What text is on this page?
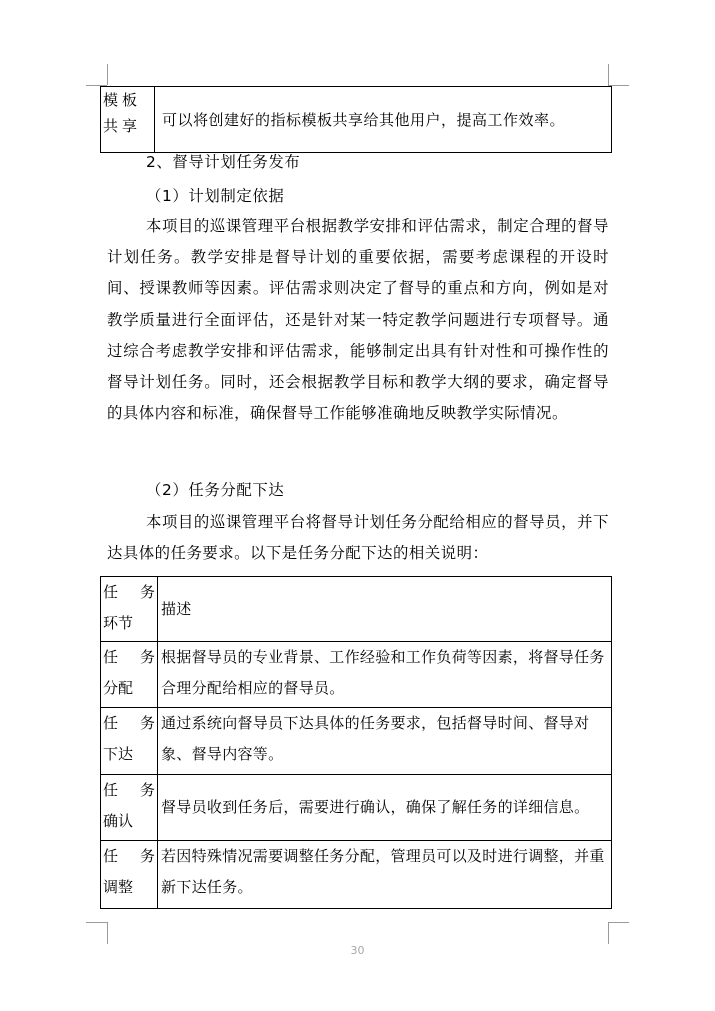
模板共享	可以将创建好的指标模板共享给其他用户，提高工作效率。
2、督导计划任务发布
（1）计划制定依据

本项目的巡课管理平台根据教学安排和评估需求，制定合理的督导计划任务。教学安排是督导计划的重要依据，需要考虑课程的开设时间、授课教师等因素。评估需求则决定了督导的重点和方向，例如是对教学质量进行全面评估，还是针对某一特定教学问题进行专项督导。通过综合考虑教学安排和评估需求，能够制定出具有针对性和可操作性的督导计划任务。同时，还会根据教学目标和教学大纲的要求，确定督导的具体内容和标准，确保督导工作能够准确地反映教学实际情况。

（2）任务分配下达

本项目的巡课管理平台将督导计划任务分配给相应的督导员，并下达具体的任务要求。以下是任务分配下达的相关说明：

任 务
环节	描述

任 务
分配	根据督导员的专业背景、工作经验和工作负荷等因素，将督导任务合理分配给相应的督导员。

任 务
下达	通过系统向督导员下达具体的任务要求，包括督导时间、督导对象、督导内容等。

任 务
确认	督导员收到任务后，需要进行确认，确保了解任务的详细信息。

任 务
调整	若因特殊情况需要调整任务分配，管理员可以及时进行调整，并重新下达任务。
30
